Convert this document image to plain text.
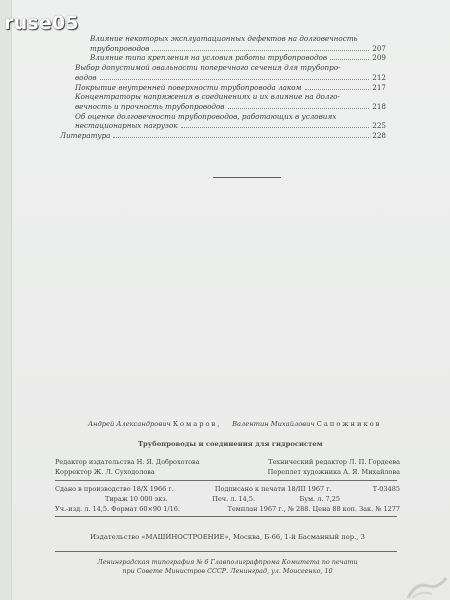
ruse05
Влияние некоторых эксплуатационных дефектов на долговечность
трубопроводов	207
Влияние типа крепления на условия работы трубопроводов	209
Выбор допустимой овальности поперечного сечения для трубопро-
водов	212
Покрытие внутренней поверхности трубопровода лаком	217
Концентраторы напряжения в соединениях и их влияние на долго-
вечность и прочность трубопроводов	218
Об оценке долговечности трубопроводов, работающих в условиях
нестационарных нагрузок	225
Литература	228
Андрей Александрович Комаров, Валентин Михайлович Сапожников
Трубопроводы и соединения для гидросистем
Редактор издательства Н. Я. Доброхотова	Технический редактор Л. П. Гордеева
Корректор Ж. Л. Суходолова	Переплет художника А. Я. Михайлова
Сдано в производство 18/X 1966 г.	Подписано к печати 18/III 1967 г.	Т-03485
Тираж 10 000 экз.	Печ. л. 14,5.	Бум. л. 7,25
Уч.-изд. л. 14,5. Формат 60×90 1/16.	Темплан 1967 г., № 288. Цена 88 коп. Зак. № 1277
Издательство «МАШИНОСТРОЕНИЕ», Москва, Б-66, 1-й Басманный пер., 3
Ленинградская типография № 6 Главполиграфпрома Комитета по печати
при Совете Министров СССР. Ленинград, ул. Моисеенко, 10
